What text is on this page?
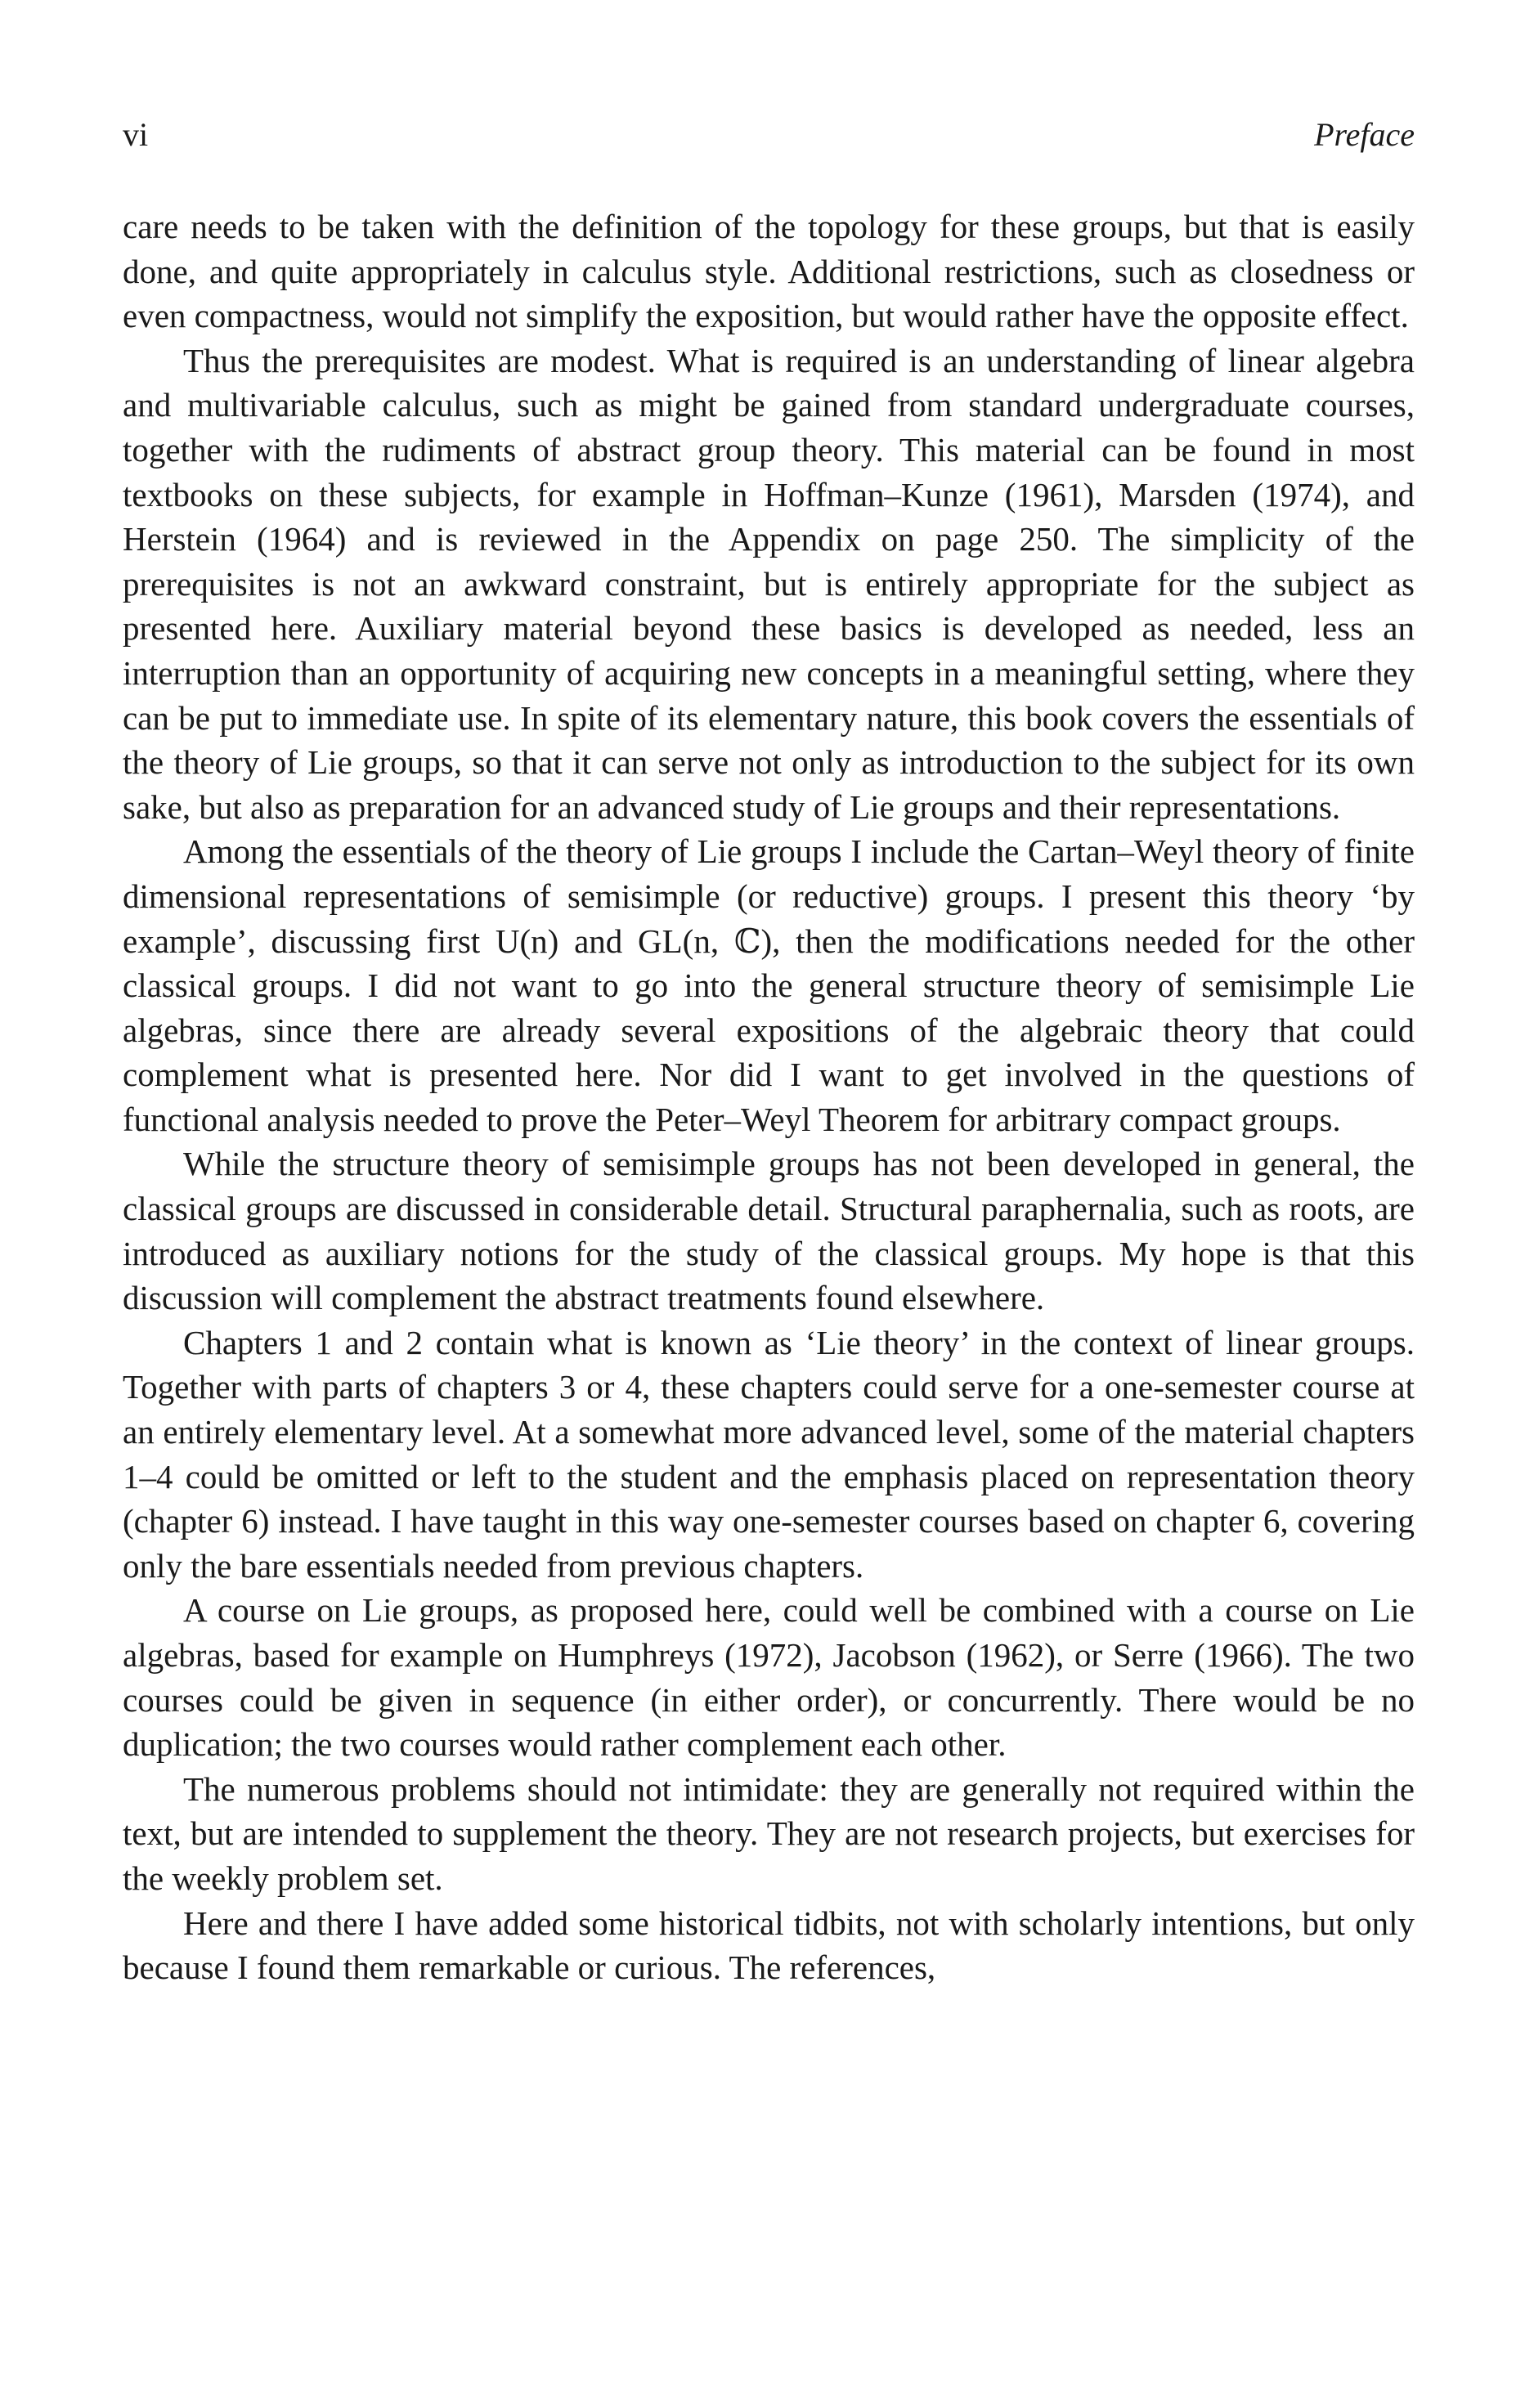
vi	Preface

care needs to be taken with the definition of the topology for these groups, but that is easily done, and quite appropriately in calculus style. Additional restrictions, such as closedness or even compactness, would not simplify the exposition, but would rather have the opposite effect.

Thus the prerequisites are modest. What is required is an understanding of linear algebra and multivariable calculus, such as might be gained from standard undergraduate courses, together with the rudiments of abstract group theory. This material can be found in most textbooks on these subjects, for example in Hoffman–Kunze (1961), Marsden (1974), and Herstein (1964) and is reviewed in the Appendix on page 250. The simplicity of the prerequisites is not an awkward constraint, but is entirely appropriate for the subject as presented here. Auxiliary material beyond these basics is developed as needed, less an interruption than an opportunity of acquiring new concepts in a meaningful setting, where they can be put to immediate use. In spite of its elementary nature, this book covers the essentials of the theory of Lie groups, so that it can serve not only as introduction to the subject for its own sake, but also as preparation for an advanced study of Lie groups and their representations.

Among the essentials of the theory of Lie groups I include the Cartan–Weyl theory of finite dimensional representations of semisimple (or reductive) groups. I present this theory ‘by example’, discussing first U(n) and GL(n, ℂ), then the modifications needed for the other classical groups. I did not want to go into the general structure theory of semisimple Lie algebras, since there are already several expositions of the algebraic theory that could complement what is presented here. Nor did I want to get involved in the questions of functional analysis needed to prove the Peter–Weyl Theorem for arbitrary compact groups.

While the structure theory of semisimple groups has not been developed in general, the classical groups are discussed in considerable detail. Structural paraphernalia, such as roots, are introduced as auxiliary notions for the study of the classical groups. My hope is that this discussion will complement the abstract treatments found elsewhere.

Chapters 1 and 2 contain what is known as ‘Lie theory’ in the context of linear groups. Together with parts of chapters 3 or 4, these chapters could serve for a one-semester course at an entirely elementary level. At a somewhat more advanced level, some of the material chapters 1–4 could be omitted or left to the student and the emphasis placed on representation theory (chapter 6) instead. I have taught in this way one-semester courses based on chapter 6, covering only the bare essentials needed from previous chapters.

A course on Lie groups, as proposed here, could well be combined with a course on Lie algebras, based for example on Humphreys (1972), Jacobson (1962), or Serre (1966). The two courses could be given in sequence (in either order), or concurrently. There would be no duplication; the two courses would rather complement each other.

The numerous problems should not intimidate: they are generally not required within the text, but are intended to supplement the theory. They are not research projects, but exercises for the weekly problem set.

Here and there I have added some historical tidbits, not with scholarly intentions, but only because I found them remarkable or curious. The references,
